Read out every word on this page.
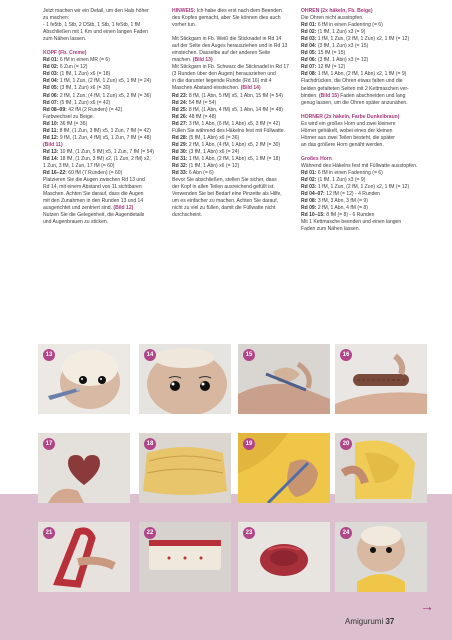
Jetzt machen wir ein Detail, um den Hals höher
zu machen:
- 1 fe5tb, 1 Stb, 2 DStb, 1 Stb, 1 feStb, 1 fM
Abschließen mit 1 Km und einen langen Faden
zum Nähen lassen.
KOPF (Fb. Creme)
Rd 01: 6 fM in einen MR (= 6)
Rd 02: 6 Zun (= 12)
Rd 03: (1 fM, 1 Zun) x6 (= 18)
Rd 04: 1 fM, 1 Zun, (2 fM, 1 Zun) x5, 1 fM (= 24)
Rd 05: (3 fM, 1 Zun) x6 (= 30)
Rd 06: 2 fM, 1 Zun, (4 fM, 1 Zun) x5, 2 fM (= 36)
Rd 07: (5 fM, 1 Zun) x6 (= 42)
Rd 08–09: 42 fM (2 Runden) (= 42)
Farbwechsel zu Beige.
Rd 10: 36 fM (= 36)
Rd 11: 8 fM, (1 Zun, 3 fM) x5, 1 Zun, 7 fM (= 42)
Rd 12: 9 fM, (1 Zun, 4 fM) x5, 1 Zun, 7 fM (= 48)
(Bild 11)
Rd 13: 10 fM, (1 Zun, 5 fM) x5, 1 Zun, 7 fM (= 54)
Rd 14: 18 fM, (1 Zun, 3 fM) x2, (1 Zun, 2 fM) x2,
1 Zun, 3 fM, 1 Zun, 17 fM (= 60)
Rd 16–22: 60 fM (7 Runden) (= 60)
Platzieren Sie die Augen zwischen Rd 13 und
Rd 14, mit einem Abstand von 11 sichtbaren
Maschen. Achten Sie darauf, dass die Augen
mit den Zunahmen in den Runden 13 und 14
ausgerichtet und zentriert sind. (Bild 12)
Nutzen Sie die Gelegenheit, die Augendetails
und Augenbrauen zu sticken.
HINWEIS: Ich habe dies erst nach dem Beenden
des Kopfes gemacht, aber Sie können dies auch
vorher tun.
Mit Stickgarn in Fb. Weiß die Sticknadel in Rd 14
auf der Seite des Auges herausziehen und in Rd 13
einstechen. Dasselbe auf der anderen Seite
machen. (Bild 13)
Mit Stickgarn in Fb. Schwarz die Sticknadel in Rd 17
(3 Runden über den Augen) herausziehen und
in die darunter liegende Runde (Rd 16) mit 4
Maschen Abstand einstechen. (Bild 14)
Rd 23: 8 fM, (1 Abn, 5 fM) x5, 1 Abn, 15 fM (= 54)
Rd 24: 54 fM (= 54)
Rd 25: 8 fM, (1 Abn, 4 fM) x5, 1 Abn, 14 fM (= 48)
Rd 26: 48 fM (= 48)
Rd 27: 3 fM, 1 Abn, (6 fM, 1 Abn) x5, 3 fM (= 42)
Füllen Sie während des Häkelns fest mit Füllwatte.
Rd 28: (5 fM, 1 Abn) x6 (= 36)
Rd 29: 2 fM, 1 Abn, (4 fM, 1 Abn) x5, 2 fM (= 30)
Rd 30: (3 fM, 1 Abn) x6 (= 24)
Rd 31: 1 fM, 1 Abn, (2 fM, 1 Abn) x5, 1 fM (= 18)
Rd 32: (1 fM, 1 Abn) x6 (= 12)
Rd 33: 6 Abn (= 6)
Bevor Sie abschließen, stellen Sie sicher, dass
der Kopf in allen Teilen ausreichend gefüllt ist.
Verwenden Sie bei Bedarf eine Pinzette als Hilfe,
um es einfacher zu machen. Achten Sie darauf,
nicht zu viel zu füllen, damit die Füllwatte nicht
durchscheint.
OHREN (2x häkeln, Fb. Beige)
Die Ohren nicht ausstopfen.
Rd 01: 6 fM in einen Fadenring (= 6)
Rd 02: (1 fM, 1 Zun) x3 (= 9)
Rd 03: 1 fM, 1 Zun, (2 fM, 1 Zun) x2, 1 fM (= 12)
Rd 04: (3 fM, 1 Zun) x3 (= 15)
Rd 05: 15 fM (= 15)
Rd 06: (3 fM, 1 Abn) x3 (= 12)
Rd 07: 12 fM (= 12)
Rd 08: 1 fM, 1 Abn, (2 fM, 1 Abn) x2, 1 fM (= 9)
Flachdrücken, die Ohren etwas falten und die
beiden gefalteten Seiten mit 2 Kettmaschen ver-
binden. (Bild 15) Faden abschneiden und lang
genug lassen, um die Ohren später anzunähen.
HÖRNER (2x häkeln, Farbe Dunkelbraun)
Es wird ein großes Horn und zwei kleinere
Hörner gehäkelt, wobei eines der kleinen
Hörner aus zwei Teilen besteht, die später
an das größere Horn genäht werden.
Großes Horn
Während des Häkelns fest mit Füllwatte ausstopfen.
Rd 01: 6 fM in einen Fadenring (= 6)
Rd 02: (1 fM, 1 Zun) x3 (= 9)
Rd 03: 1 fM, 1 Zun, (2 fM, 1 Zun) x2, 1 fM (= 12)
Rd 04–07: 12 fM (= 12) - 4 Runden
Rd 08: 3 fM, 3 Abn, 3 fM (= 9)
Rd 09: 2 fM, 1 Abn, 4 fM (= 8)
Rd 10–15: 8 fM (= 8) - 6 Runden
Mit 1 Kettmasche beenden und einen langen
Faden zum Nähen lassen.
13	14	15	16
17	18	19	20
21	22	23	24
→
Amigurumi 37
